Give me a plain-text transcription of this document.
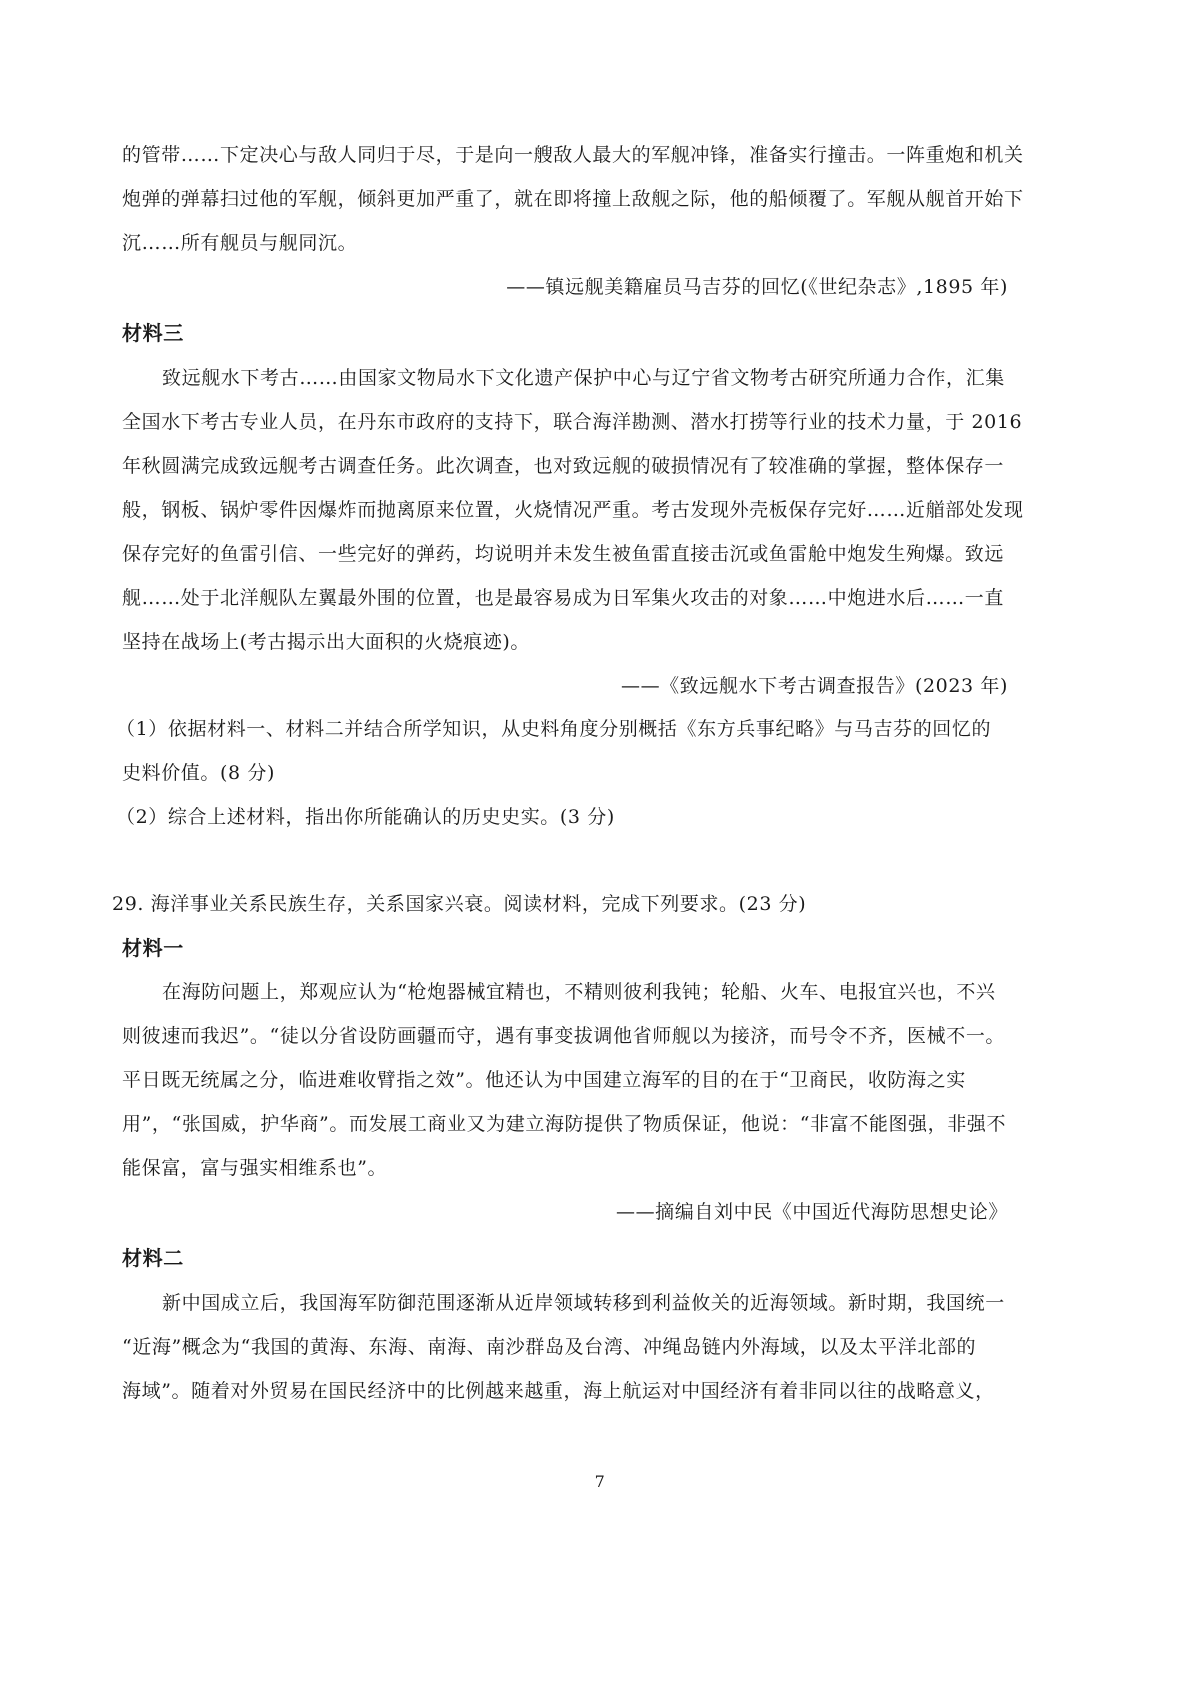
的管带……下定决心与敌人同归于尽，于是向一艘敌人最大的军舰冲锋，准备实行撞击。一阵重炮和机关
炮弹的弹幕扫过他的军舰，倾斜更加严重了，就在即将撞上敌舰之际，他的船倾覆了。军舰从舰首开始下
沉……所有舰员与舰同沉。
——镇远舰美籍雇员马吉芬的回忆(《世纪杂志》,1895 年)
材料三
致远舰水下考古……由国家文物局水下文化遗产保护中心与辽宁省文物考古研究所通力合作，汇集
全国水下考古专业人员，在丹东市政府的支持下，联合海洋勘测、潜水打捞等行业的技术力量，于 2016
年秋圆满完成致远舰考古调查任务。此次调查，也对致远舰的破损情况有了较准确的掌握，整体保存一
般，钢板、锅炉零件因爆炸而抛离原来位置，火烧情况严重。考古发现外壳板保存完好……近艏部处发现
保存完好的鱼雷引信、一些完好的弹药，均说明并未发生被鱼雷直接击沉或鱼雷舱中炮发生殉爆。致远
舰……处于北洋舰队左翼最外围的位置，也是最容易成为日军集火攻击的对象……中炮进水后……一直
坚持在战场上(考古揭示出大面积的火烧痕迹)。
——《致远舰水下考古调查报告》(2023 年)
（1）依据材料一、材料二并结合所学知识，从史料角度分别概括《东方兵事纪略》与马吉芬的回忆的
史料价值。(8 分)
（2）综合上述材料，指出你所能确认的历史史实。(3 分)
29. 海洋事业关系民族生存，关系国家兴衰。阅读材料，完成下列要求。(23 分)
材料一
在海防问题上，郑观应认为“枪炮器械宜精也，不精则彼利我钝；轮船、火车、电报宜兴也，不兴
则彼速而我迟”。“徒以分省设防画疆而守，遇有事变拔调他省师舰以为接济，而号令不齐，医械不一。
平日既无统属之分，临进难收臂指之效”。他还认为中国建立海军的目的在于“卫商民，收防海之实
用”，“张国威，护华商”。而发展工商业又为建立海防提供了物质保证，他说：“非富不能图强，非强不
能保富，富与强实相维系也”。
——摘编自刘中民《中国近代海防思想史论》
材料二
新中国成立后，我国海军防御范围逐渐从近岸领域转移到利益攸关的近海领域。新时期，我国统一
“近海”概念为“我国的黄海、东海、南海、南沙群岛及台湾、冲绳岛链内外海域，以及太平洋北部的
海域”。随着对外贸易在国民经济中的比例越来越重，海上航运对中国经济有着非同以往的战略意义，
7
